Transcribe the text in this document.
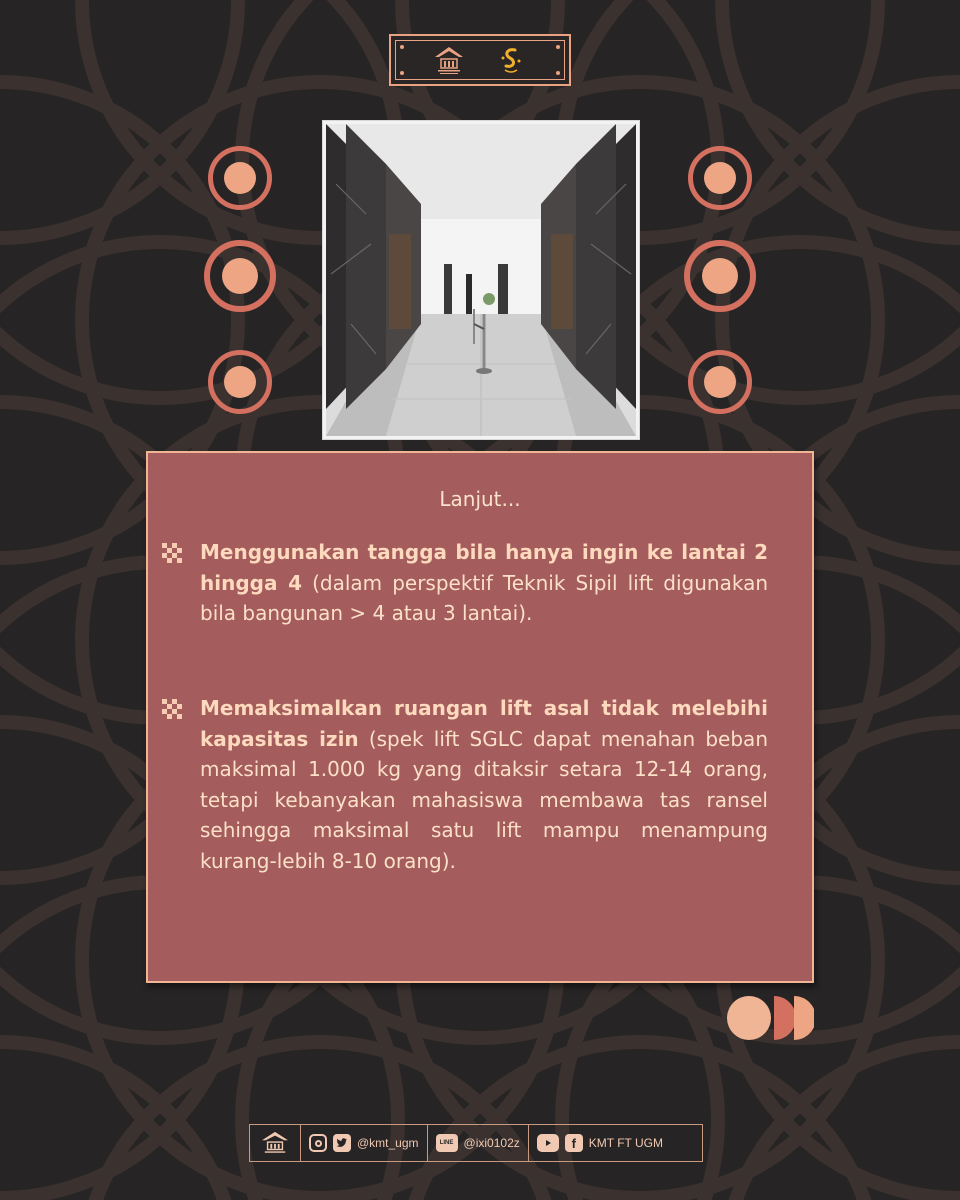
Lanjut...
Menggunakan tangga bila hanya ingin ke lantai 2 hingga 4 (dalam perspektif Teknik Sipil lift digunakan bila bangunan > 4 atau 3 lantai).
Memaksimalkan ruangan lift asal tidak melebihi kapasitas izin (spek lift SGLC dapat menahan beban maksimal 1.000 kg yang ditaksir setara 12-14 orang, tetapi kebanyakan mahasiswa membawa tas ransel sehingga maksimal satu lift mampu menampung kurang-lebih 8-10 orang).
@kmt_ugm	LINE @ixi0102z	f	KMT FT UGM
